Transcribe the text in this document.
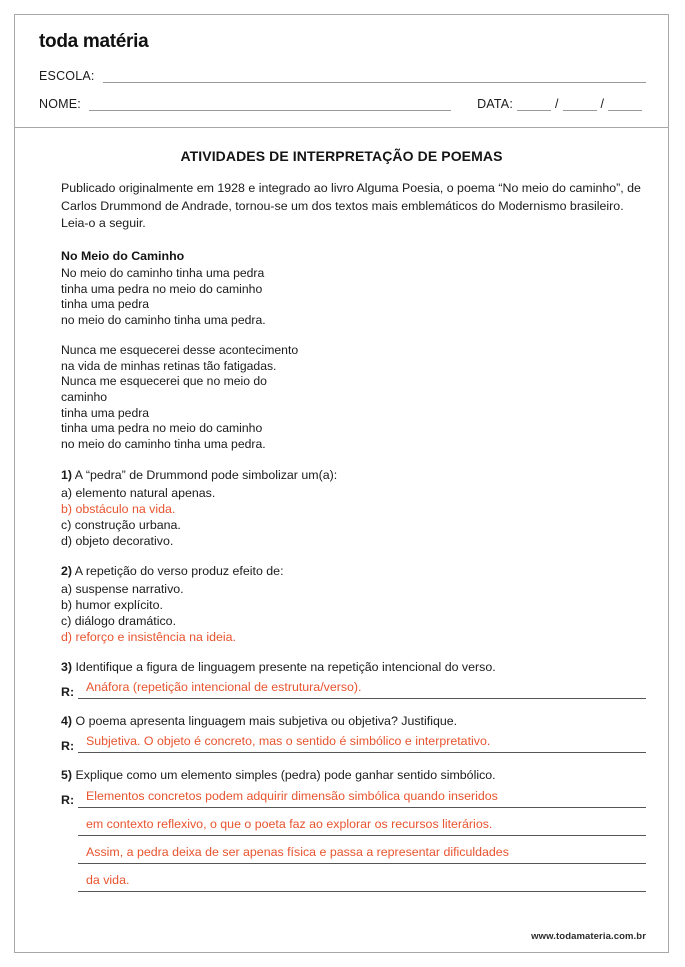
toda matéria
ESCOLA:
NOME:	DATA:	/	/
ATIVIDADES DE INTERPRETAÇÃO DE POEMAS

Publicado originalmente em 1928 e integrado ao livro Alguma Poesia, o poema “No meio do caminho”, de Carlos Drummond de Andrade, tornou-se um dos textos mais emblemáticos do Modernismo brasileiro. Leia-o a seguir.

No Meio do Caminho
No meio do caminho tinha uma pedra
tinha uma pedra no meio do caminho
tinha uma pedra
no meio do caminho tinha uma pedra.
Nunca me esquecerei desse acontecimento
na vida de minhas retinas tão fatigadas.
Nunca me esquecerei que no meio do
caminho
tinha uma pedra
tinha uma pedra no meio do caminho
no meio do caminho tinha uma pedra.
1) A “pedra” de Drummond pode simbolizar um(a):
a) elemento natural apenas.
b) obstáculo na vida.
c) construção urbana.
d) objeto decorativo.
2) A repetição do verso produz efeito de:
a) suspense narrativo.
b) humor explícito.
c) diálogo dramático.
d) reforço e insistência na ideia.
3) Identifique a figura de linguagem presente na repetição intencional do verso.
R: Anáfora (repetição intencional de estrutura/verso).
4) O poema apresenta linguagem mais subjetiva ou objetiva? Justifique.
R: Subjetiva. O objeto é concreto, mas o sentido é simbólico e interpretativo.
5) Explique como um elemento simples (pedra) pode ganhar sentido simbólico.
R: Elementos concretos podem adquirir dimensão simbólica quando inseridos
em contexto reflexivo, o que o poeta faz ao explorar os recursos literários.
Assim, a pedra deixa de ser apenas física e passa a representar dificuldades
da vida.
www.todamateria.com.br
